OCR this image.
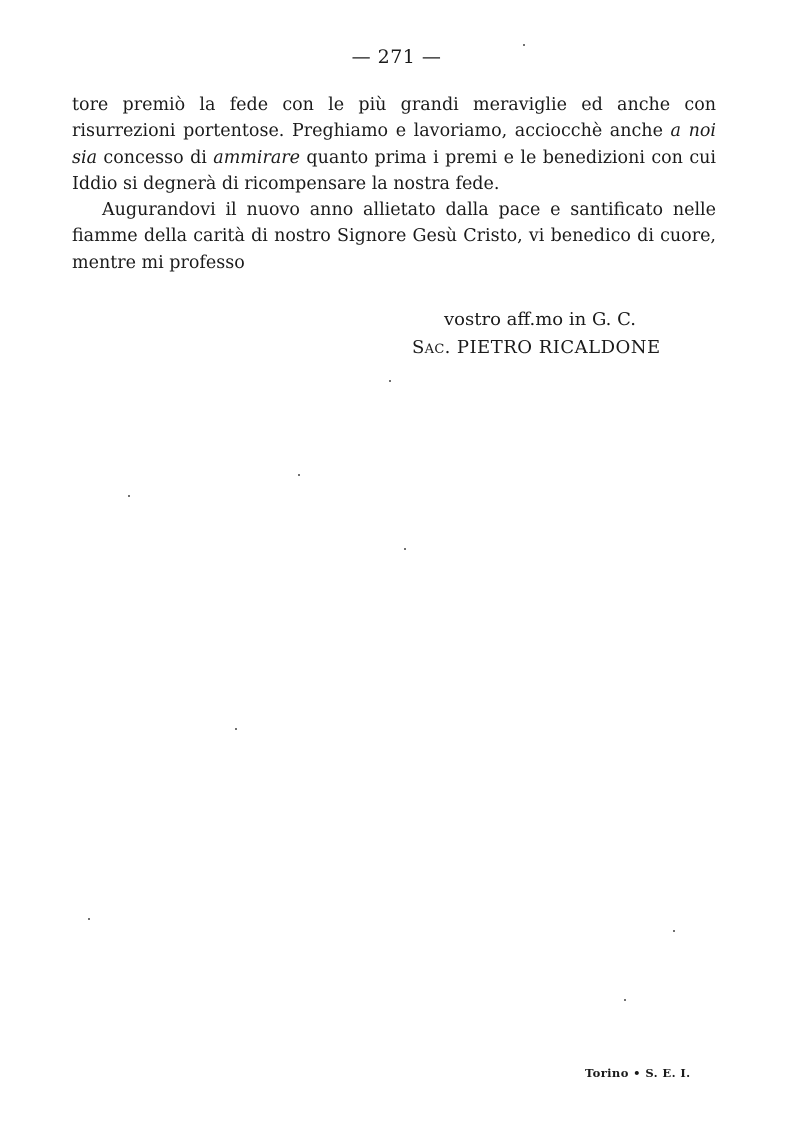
— 271 —

tore premiò la fede con le più grandi meraviglie ed anche con risurrezioni portentose. Preghiamo e lavoriamo, acciocchè anche a noi sia concesso di ammirare quanto prima i premi e le benedizioni con cui Iddio si degnerà di ricompensare la nostra fede.

Augurandovi il nuovo anno allietato dalla pace e santificato nelle fiamme della carità di nostro Signore Gesù Cristo, vi benedico di cuore, mentre mi professo

vostro aff.mo in G. C.
Sac. PIETRO RICALDONE
Torino • S. E. I.
